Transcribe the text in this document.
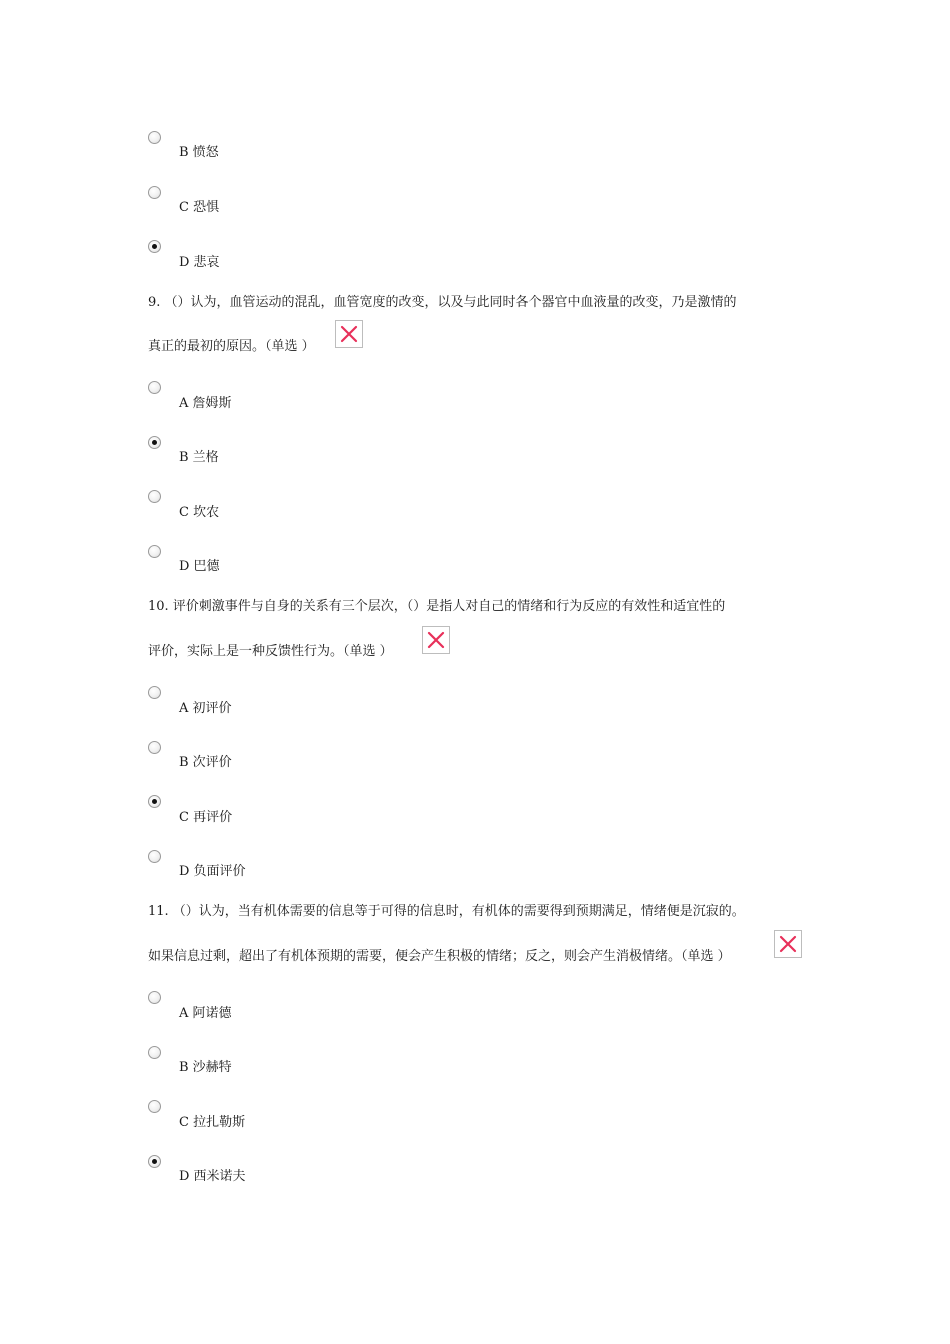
B 愤怒
C 恐惧
D 悲哀
9. （）认为，血管运动的混乱，血管宽度的改变，以及与此同时各个器官中血液量的改变，乃是激情的
真正的最初的原因。（单选 ）
A 詹姆斯
B 兰格
C 坎农
D 巴德
10. 评价刺激事件与自身的关系有三个层次，（）是指人对自己的情绪和行为反应的有效性和适宜性的
评价，实际上是一种反馈性行为。（单选 ）
A 初评价
B 次评价
C 再评价
D 负面评价
11. （）认为，当有机体需要的信息等于可得的信息时，有机体的需要得到预期满足，情绪便是沉寂的。
如果信息过剩，超出了有机体预期的需要，便会产生积极的情绪；反之，则会产生消极情绪。（单选 ）
A 阿诺德
B 沙赫特
C 拉扎勒斯
D 西米诺夫
